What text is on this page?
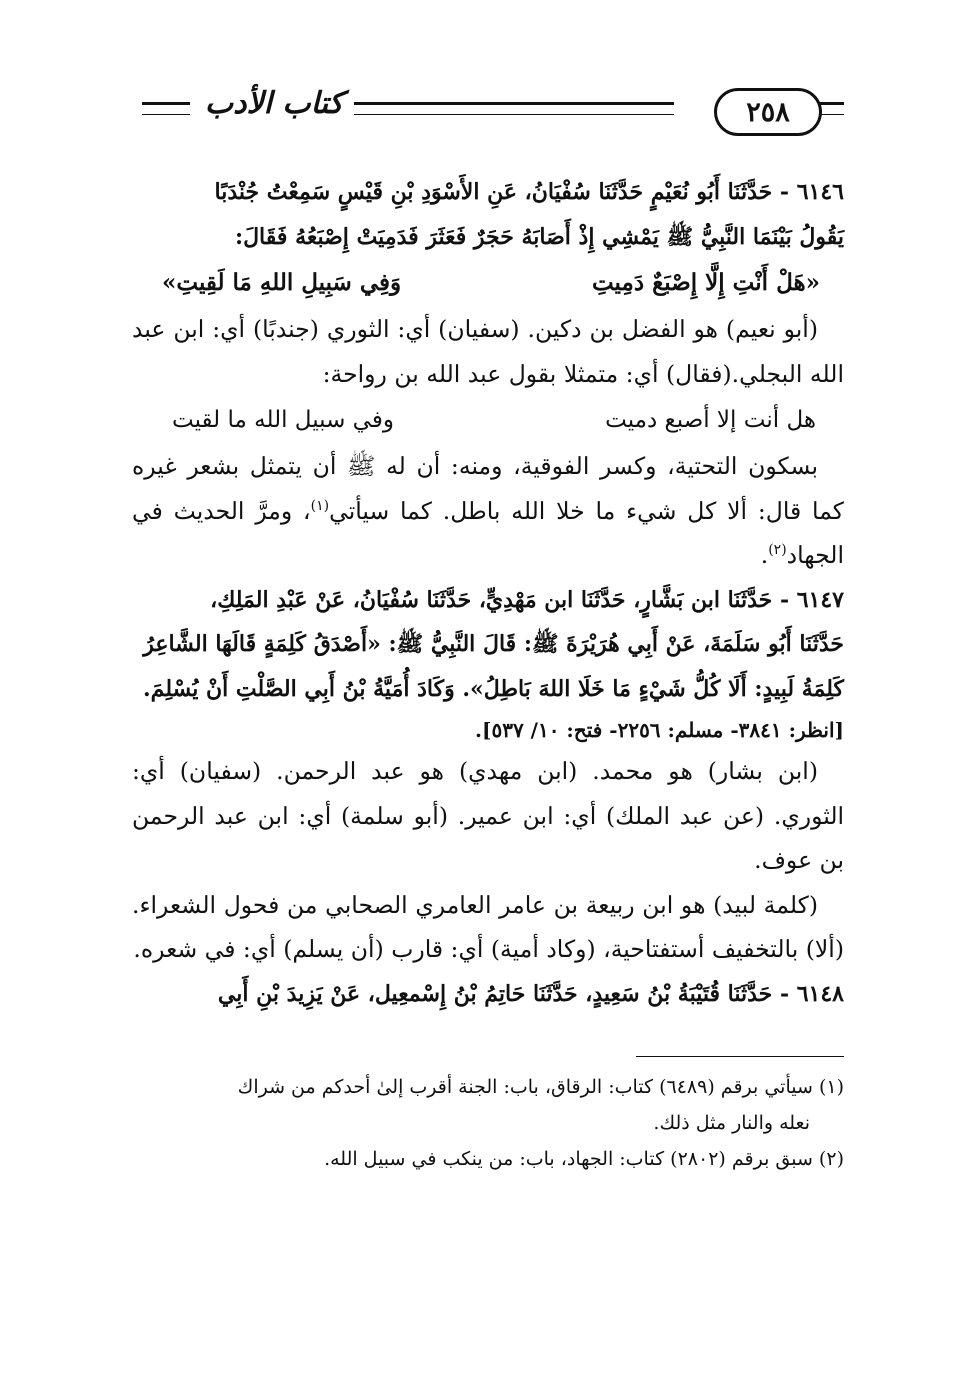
٢٥٨
كتاب الأدب

٦١٤٦ - حَدَّثَنَا أَبُو نُعَيْمٍ حَدَّثَنَا سُفْيَانُ، عَنِ الأَسْوَدِ بْنِ قَيْسٍ سَمِعْتُ جُنْدَبًا
يَقُولُ بَيْنَمَا النَّبِيُّ ﷺ يَمْشِي إِذْ أَصَابَهُ حَجَرٌ فَعَثَرَ فَدَمِيَتْ إِصْبَعُهُ فَقَالَ:

«هَلْ أَنْتِ إِلَّا إِصْبَعٌ دَمِيتِ
وَفِي سَبِيلِ اللهِ مَا لَقِيتِ»

(أبو نعيم) هو الفضل بن دكين. (سفيان) أي: الثوري (جندبًا) أي: ابن عبد الله البجلي.(فقال) أي: متمثلا بقول عبد الله بن رواحة:

هل أنت إلا أصبع دميت
وفي سبيل الله ما لقيت

بسكون التحتية، وكسر الفوقية، ومنه: أن له ﷺ أن يتمثل بشعر غيره كما قال: ألا كل شيء ما خلا الله باطل. كما سيأتي$^{(١)}$، ومرَّ الحديث في الجهاد$^{(٢)}$.

٦١٤٧ - حَدَّثَنَا ابن بَشَّارٍ، حَدَّثَنَا ابن مَهْدِيٍّ، حَدَّثَنَا سُفْيَانُ، عَنْ عَبْدِ المَلِكِ،
حَدَّثَنَا أَبُو سَلَمَةَ، عَنْ أَبِي هُرَيْرَةَ ﷺ: قَالَ النَّبِيُّ ﷺ: «أَصْدَقُ كَلِمَةٍ قَالَهَا الشَّاعِرُ
كَلِمَةُ لَبِيدٍ: أَلَا كُلُّ شَيْءٍ مَا خَلَا اللهَ بَاطِلُ». وَكَادَ أُمَيَّةُ بْنُ أَبِي الصَّلْتِ أَنْ يُسْلِمَ.

[انظر: ٣٨٤١- مسلم: ٢٢٥٦- فتح: ١٠/ ٥٣٧].

(ابن بشار) هو محمد. (ابن مهدي) هو عبد الرحمن. (سفيان) أي: الثوري. (عن عبد الملك) أي: ابن عمير. (أبو سلمة) أي: ابن عبد الرحمن بن عوف.

(كلمة لبيد) هو ابن ربيعة بن عامر العامري الصحابي من فحول الشعراء. (ألا) بالتخفيف أستفتاحية، (وكاد أمية) أي: قارب (أن يسلم) أي: في شعره.

٦١٤٨ - حَدَّثَنَا قُتَيْبَةُ بْنُ سَعِيدٍ، حَدَّثَنَا حَاتِمُ بْنُ إِسْمعِيل، عَنْ يَزِيدَ بْنِ أَبِي

(١) سيأتي برقم (٦٤٨٩) كتاب: الرقاق، باب: الجنة أقرب إلىٰ أحدكم من شراك
نعله والنار مثل ذلك.

(٢) سبق برقم (٢٨٠٢) كتاب: الجهاد، باب: من ينكب في سبيل الله.
